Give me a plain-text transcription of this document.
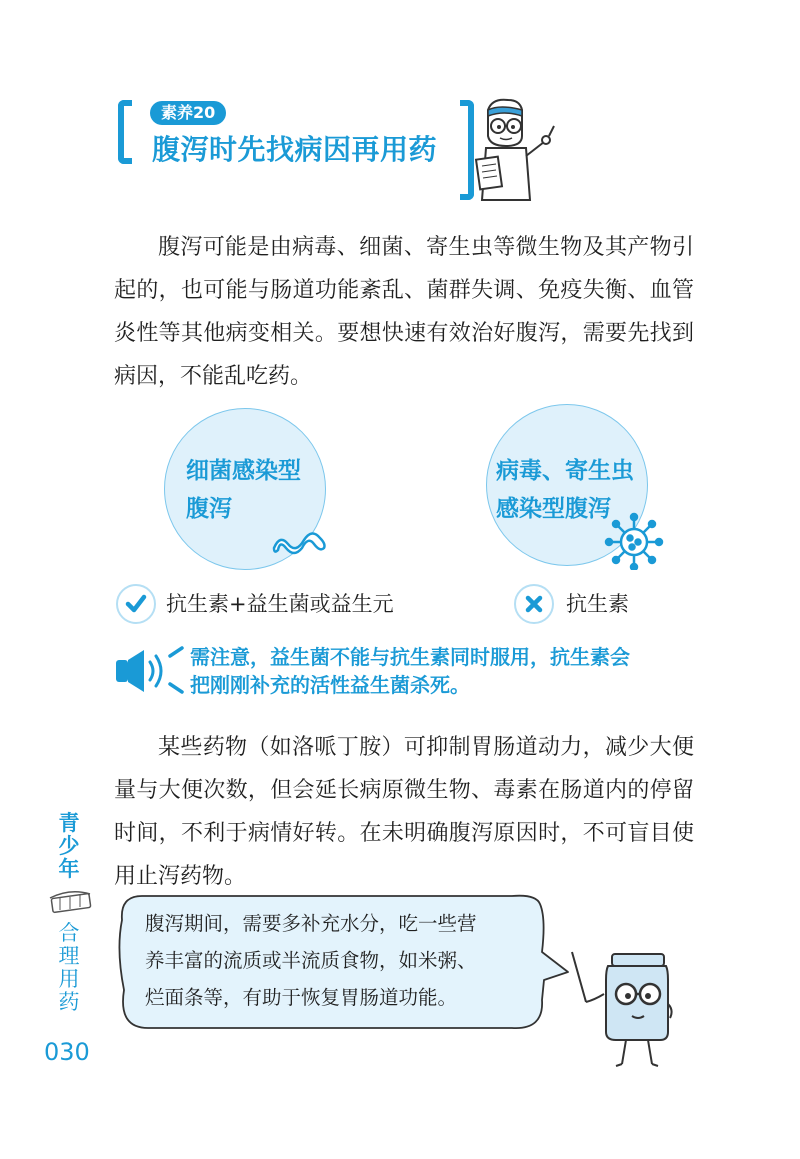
素养20
腹泻时先找病因再用药

腹泻可能是由病毒、细菌、寄生虫等微生物及其产物引起的，也可能与肠道功能紊乱、菌群失调、免疫失衡、血管炎性等其他病变相关。要想快速有效治好腹泻，需要先找到病因，不能乱吃药。

细菌感染型
腹泻
病毒、寄生虫
感染型腹泻
抗生素+益生菌或益生元	抗生素
需注意，益生菌不能与抗生素同时服用，抗生素会
把刚刚补充的活性益生菌杀死。

某些药物（如洛哌丁胺）可抑制胃肠道动力，减少大便量与大便次数，但会延长病原微生物、毒素在肠道内的停留时间，不利于病情好转。在未明确腹泻原因时，不可盲目使用止泻药物。

青
少
年
合
理
用
药
030
腹泻期间，需要多补充水分，吃一些营
养丰富的流质或半流质食物，如米粥、
烂面条等，有助于恢复胃肠道功能。
